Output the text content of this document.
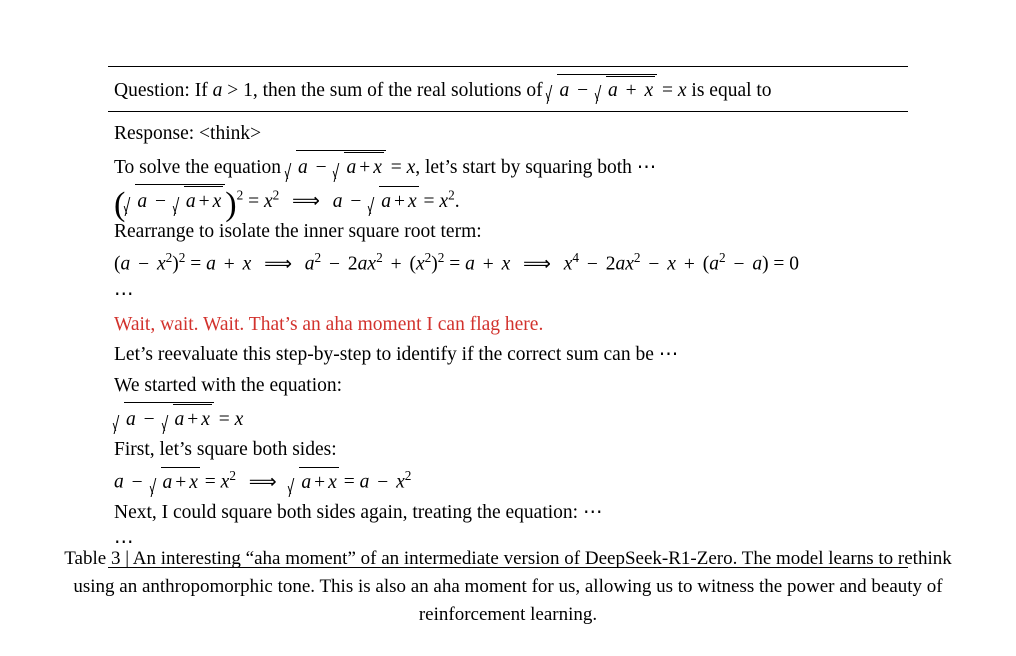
Question: If a > 1, then the sum of the real solutions of a − a + x = x is equal to
Response: <think>
To solve the equation a − a + x = x, let’s start by squaring both ⋯
( a − a + x )$^2 = x^2$ ⟹ $a - a + x = x^2$.
Rearrange to isolate the inner square root term:
$(a - x^2)^2 = a + x$ ⟹ $a^2 - 2ax^2 + (x^2)^2 = a + x$ ⟹ $x^4 - 2ax^2 - x + (a^2 - a) = 0$
⋯
Wait, wait. Wait. That’s an aha moment I can flag here.
Let’s reevaluate this step-by-step to identify if the correct sum can be ⋯
We started with the equation:
a − a + x = x
First, let’s square both sides:
$a - a + x = x^2$ ⟹ $a + x = a - x^2$
Next, I could square both sides again, treating the equation: ⋯
⋯
Table 3 | An interesting “aha moment” of an intermediate version of DeepSeek-R1-Zero. The model learns to rethink using an anthropomorphic tone. This is also an aha moment for us, allowing us to witness the power and beauty of reinforcement learning.
